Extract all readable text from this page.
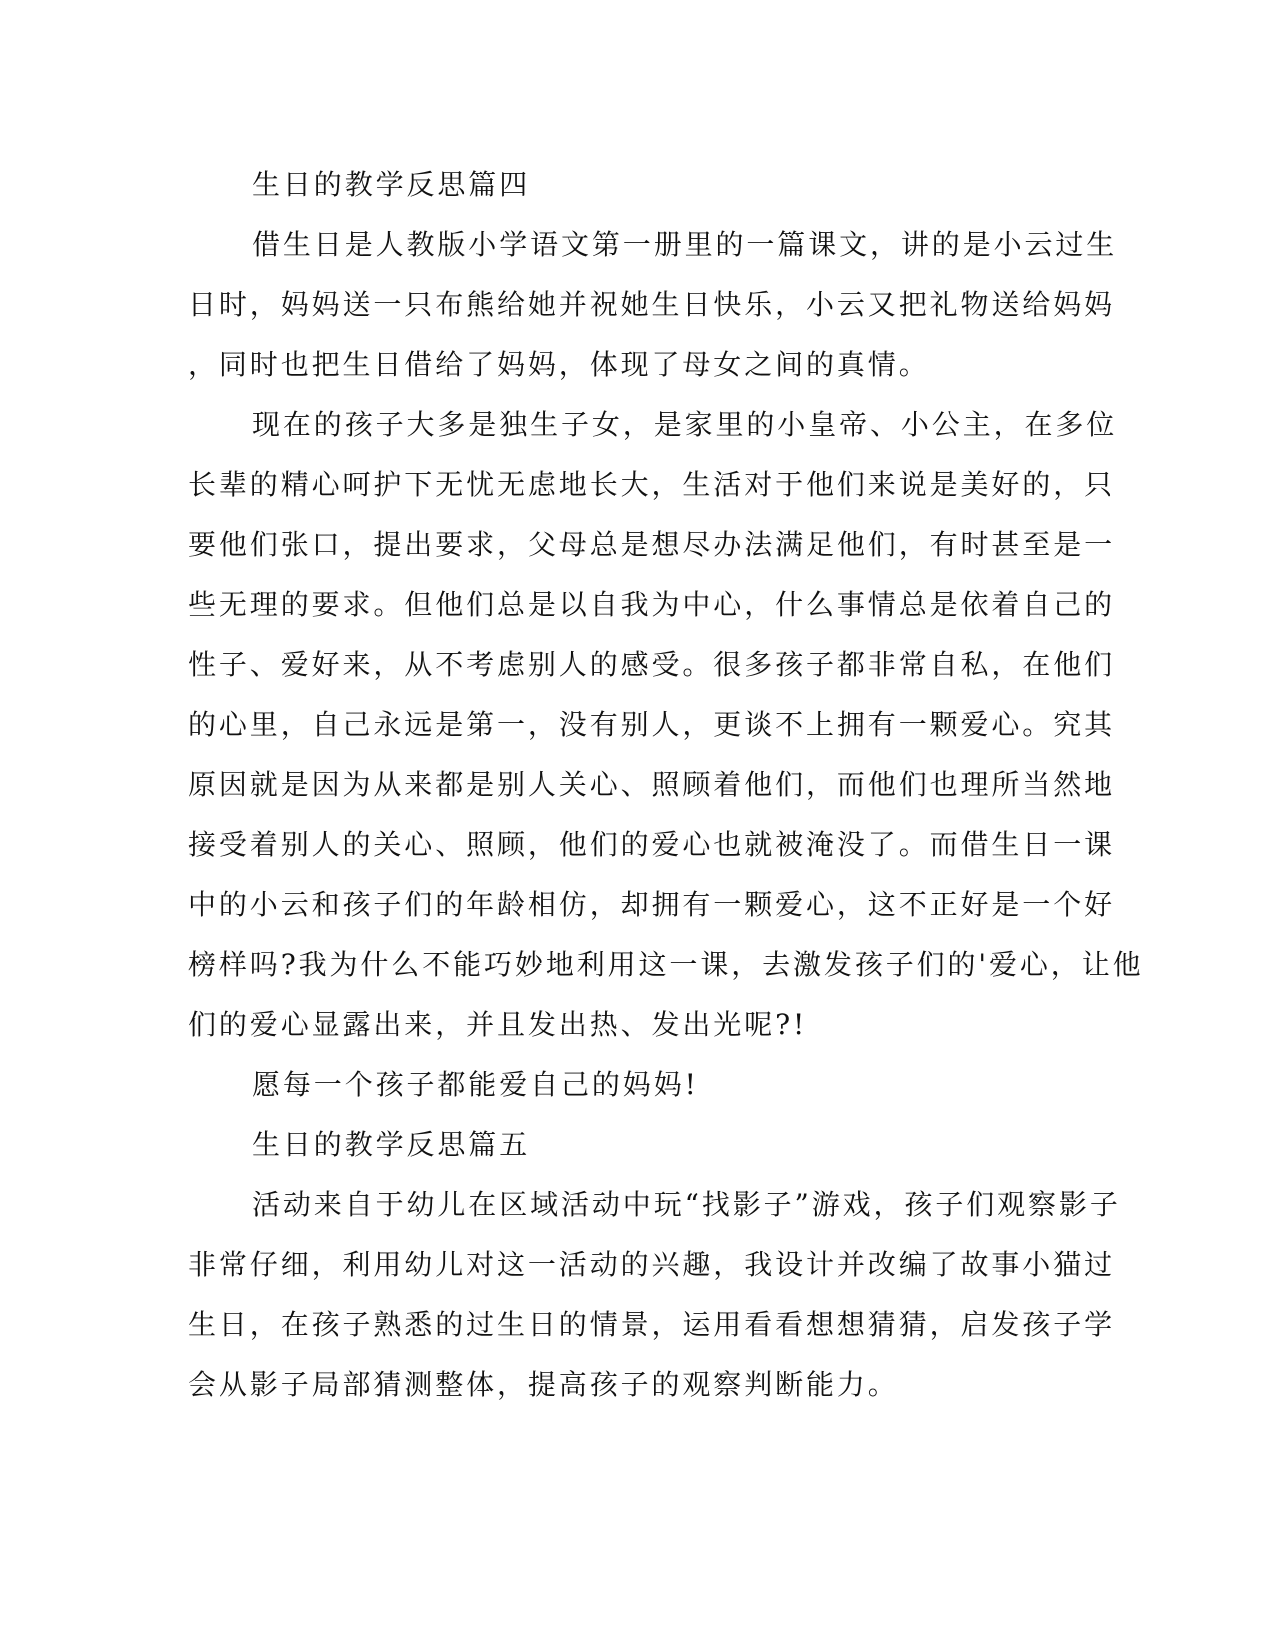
生日的教学反思篇四
借生日是人教版小学语文第一册里的一篇课文，讲的是小云过生
日时，妈妈送一只布熊给她并祝她生日快乐，小云又把礼物送给妈妈
，同时也把生日借给了妈妈，体现了母女之间的真情。
现在的孩子大多是独生子女，是家里的小皇帝、小公主，在多位
长辈的精心呵护下无忧无虑地长大，生活对于他们来说是美好的，只
要他们张口，提出要求，父母总是想尽办法满足他们，有时甚至是一
些无理的要求。但他们总是以自我为中心，什么事情总是依着自己的
性子、爱好来，从不考虑别人的感受。很多孩子都非常自私，在他们
的心里，自己永远是第一，没有别人，更谈不上拥有一颗爱心。究其
原因就是因为从来都是别人关心、照顾着他们，而他们也理所当然地
接受着别人的关心、照顾，他们的爱心也就被淹没了。而借生日一课
中的小云和孩子们的年龄相仿，却拥有一颗爱心，这不正好是一个好
榜样吗?我为什么不能巧妙地利用这一课，去激发孩子们的'爱心，让他
们的爱心显露出来，并且发出热、发出光呢?!
愿每一个孩子都能爱自己的妈妈!
生日的教学反思篇五
活动来自于幼儿在区域活动中玩“找影子”游戏，孩子们观察影子
非常仔细，利用幼儿对这一活动的兴趣，我设计并改编了故事小猫过
生日，在孩子熟悉的过生日的情景，运用看看想想猜猜，启发孩子学
会从影子局部猜测整体，提高孩子的观察判断能力。
